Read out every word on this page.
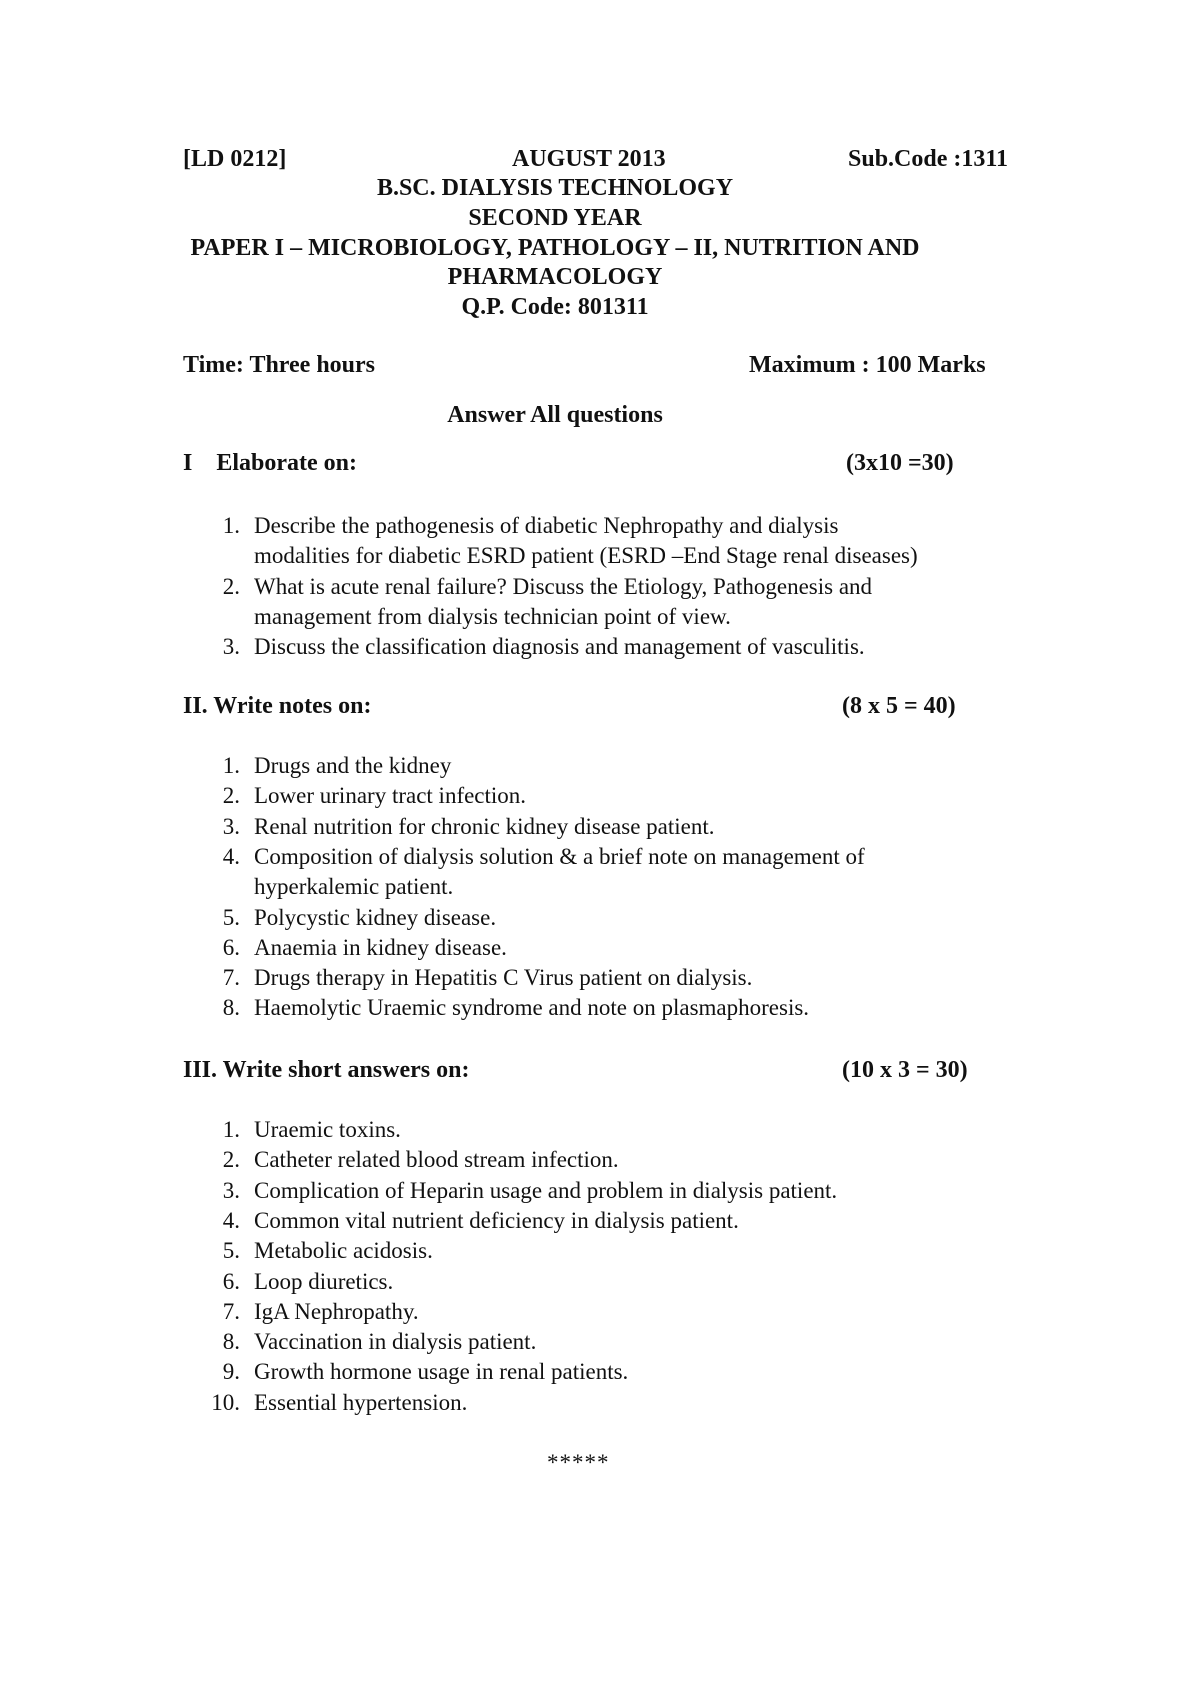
[LD 0212]	AUGUST 2013	Sub.Code :1311
B.SC. DIALYSIS TECHNOLOGY
SECOND YEAR
PAPER I – MICROBIOLOGY, PATHOLOGY – II, NUTRITION AND
PHARMACOLOGY
Q.P. Code: 801311
Time: Three hours	Maximum : 100 Marks
Answer All questions
I    Elaborate on:	(3x10 =30)
1. Describe the pathogenesis of diabetic Nephropathy and dialysis
modalities for diabetic ESRD patient (ESRD –End Stage renal diseases)
2. What is acute renal failure? Discuss the Etiology, Pathogenesis and
management from dialysis technician point of view.
3. Discuss the classification diagnosis and management of vasculitis.
II. Write notes on:	(8 x 5 = 40)
1. Drugs and the kidney
2. Lower urinary tract infection.
3. Renal nutrition for chronic kidney disease patient.
4. Composition of dialysis solution & a brief note on management of
hyperkalemic patient.
5. Polycystic kidney disease.
6. Anaemia in kidney disease.
7. Drugs therapy in Hepatitis C Virus patient on dialysis.
8. Haemolytic Uraemic syndrome and note on plasmaphoresis.
III. Write short answers on:	(10 x 3 = 30)
1. Uraemic toxins.
2. Catheter related blood stream infection.
3. Complication of Heparin usage and problem in dialysis patient.
4. Common vital nutrient deficiency in dialysis patient.
5. Metabolic acidosis.
6. Loop diuretics.
7. IgA Nephropathy.
8. Vaccination in dialysis patient.
9. Growth hormone usage in renal patients.
10. Essential hypertension.
*****
